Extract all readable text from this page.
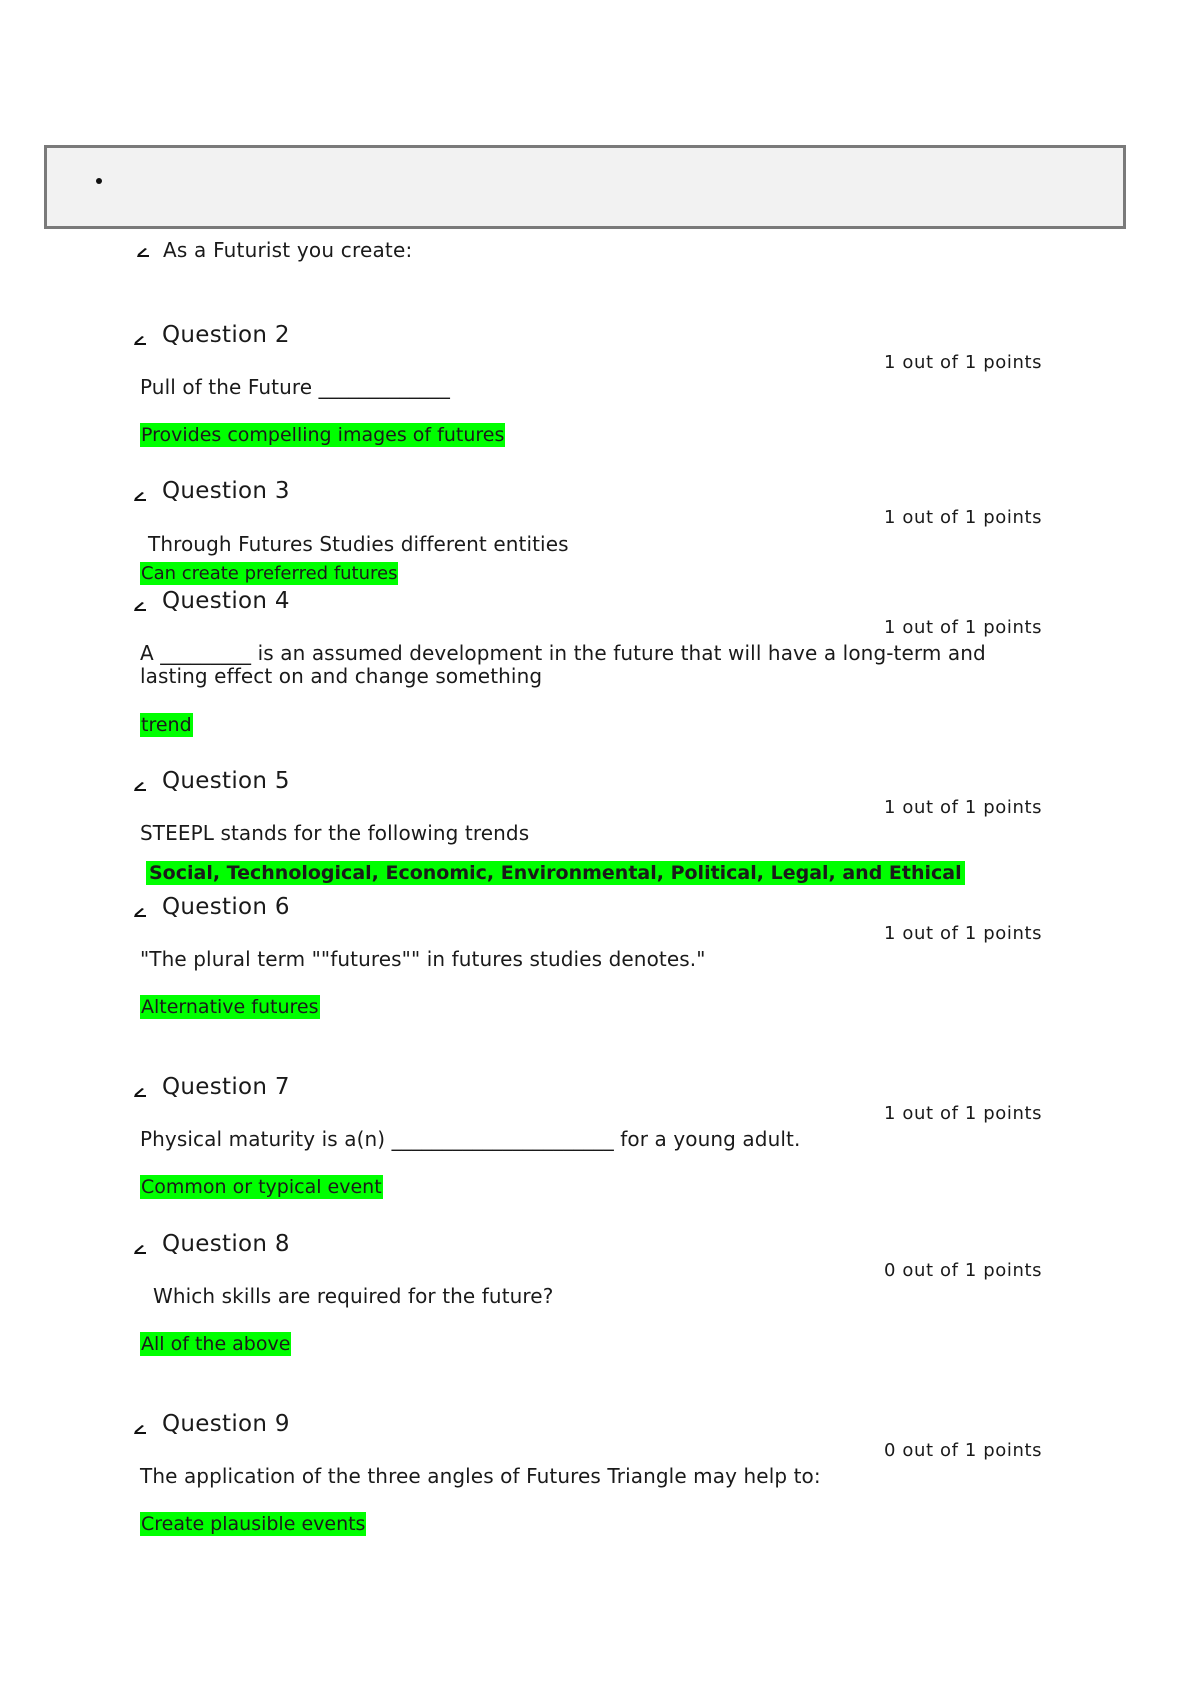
As a Futurist you create:
Question 2
1 out of 1 points
Pull of the Future _____________
Provides compelling images of futures
Question 3
1 out of 1 points
Through Futures Studies different entities
Can create preferred futures
Question 4
1 out of 1 points
A _________ is an assumed development in the future that will have a long-term and lasting effect on and change something
trend
Question 5
1 out of 1 points
STEEPL stands for the following trends
Social, Technological, Economic, Environmental, Political, Legal, and Ethical
Question 6
1 out of 1 points
"The plural term ""futures"" in futures studies denotes."
Alternative futures
Question 7
1 out of 1 points
Physical maturity is a(n) ______________________ for a young adult.
Common or typical event
Question 8
0 out of 1 points
Which skills are required for the future?
All of the above
Question 9
0 out of 1 points
The application of the three angles of Futures Triangle may help to:
Create plausible events
